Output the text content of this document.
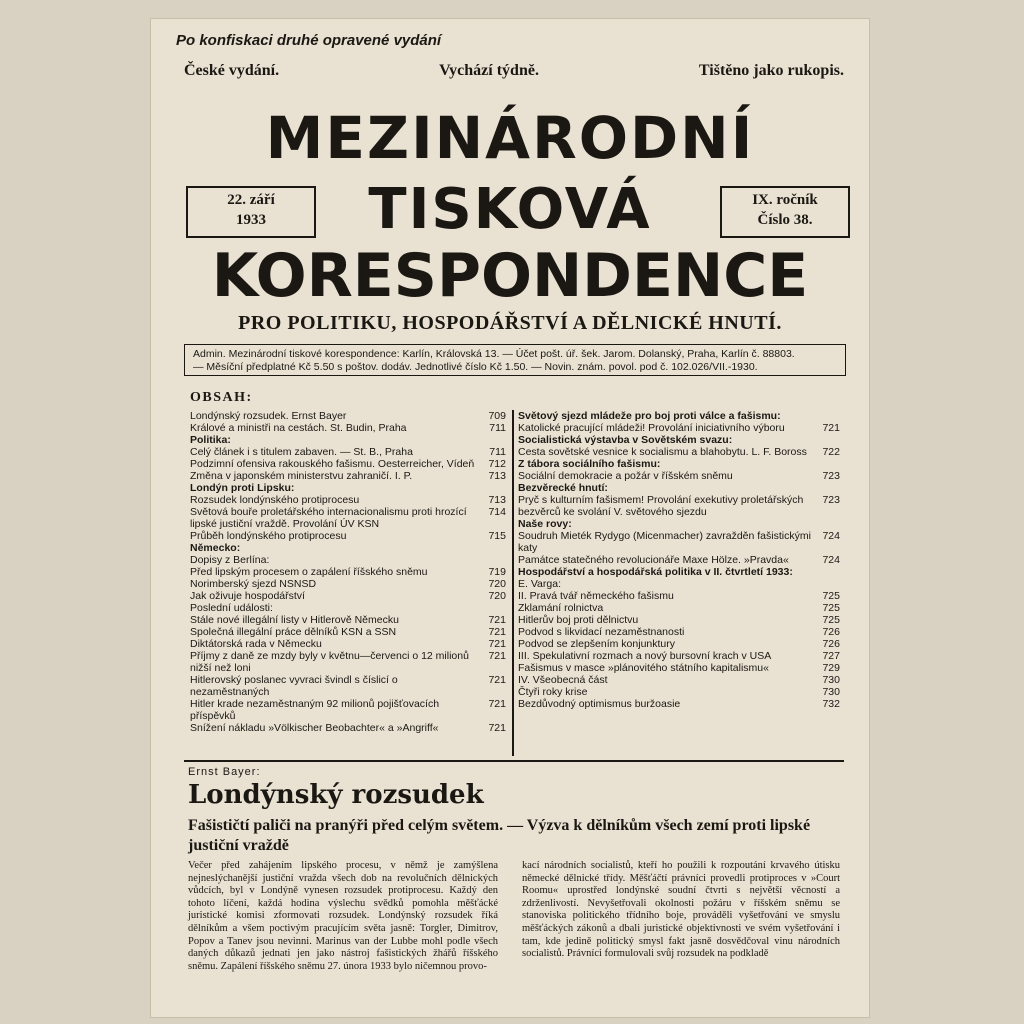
Po konfiskaci druhé opravené vydání
České vydání.	Vychází týdně.	Tištěno jako rukopis.
MEZINÁRODNÍ
22. září
1933	TISKOVÁ	IX. ročník
Číslo 38.
KORESPONDENCE
PRO POLITIKU, HOSPODÁŘSTVÍ A DĚLNICKÉ HNUTÍ.
Admin. Mezinárodní tiskové korespondence: Karlín, Královská 13. — Účet pošt. úř. šek. Jarom. Dolanský, Praha, Karlín č. 88803.
— Měsíční předplatné Kč 5.50 s poštov. dodáv. Jednotlivé číslo Kč 1.50. — Novin. znám. povol. pod č. 102.026/VII.-1930.
OBSAH:
Londýnský rozsudek. Ernst Bayer	709
Králové a ministři na cestách. St. Budin, Praha	711
Politika:
Celý článek i s titulem zabaven. — St. B., Praha	711
Podzimní ofensiva rakouského fašismu. Oesterreicher, Vídeň	712
Změna v japonském ministerstvu zahraničí. I. P.	713
Londýn proti Lipsku:
Rozsudek londýnského protiprocesu	713
Světová bouře proletářského internacionalismu proti hrozící lipské justiční vraždě. Provolání ÚV KSN
714
Průběh londýnského protiprocesu	715
Německo:
Dopisy z Berlína:
Před lipským procesem o zapálení říšského sněmu	719
Norimberský sjezd NSNSD	720
Jak oživuje hospodářství	720
Poslední události:
Stále nové illegální listy v Hitlerově Německu	721
Společná illegální práce dělníků KSN a SSN	721
Diktátorská rada v Německu	721
Příjmy z daně ze mzdy byly v květnu—červenci o 12 milionů nižší než loni
721
Hitlerovský poslanec vyvraci švindl s číslicí o nezaměstnaných
721
Hitler krade nezaměstnaným 92 milionů pojišťovacích příspěvků
721
Snížení nákladu »Völkischer Beobachter« a »Angriff«	721
Světový sjezd mládeže pro boj proti válce a fašismu:
Katolické pracující mládeži! Provolání iniciativního výboru	721
Socialistická výstavba v Sovětském svazu:
Cesta sovětské vesnice k socialismu a blahobytu. L. F. Boross	722
Z tábora sociálního fašismu:
Sociální demokracie a požár v říšském sněmu	723
Bezvěrecké hnutí:
Pryč s kulturním fašismem! Provolání exekutivy proletářských bezvěrců ke svolání V. světového sjezdu
723
Naše rovy:
Soudruh Mieték Rydygo (Micenmacher) zavražděn fašistickými katy
724
Památce statečného revolucionáře Maxe Hölze. »Pravda«	724
Hospodářství a hospodářská politika v II. čtvrtletí 1933:
E. Varga:
II. Pravá tvář německého fašismu	725
Zklamání rolnictva	725
Hitlerův boj proti dělnictvu	725
Podvod s likvidací nezaměstnanosti	726
Podvod se zlepšením konjunktury	726
III. Spekulativní rozmach a nový bursovní krach v USA	727
Fašismus v masce »plánovitého státního kapitalismu«	729
IV. Všeobecná část	730
Čtyři roky krise	730
Bezdůvodný optimismus buržoasie	732
Ernst Bayer:
Londýnský rozsudek
Fašističtí paliči na pranýři před celým světem. — Výzva k dělníkům všech zemí proti lipské justiční vraždě
Večer před zahájením lipského procesu, v němž je zamýšlena nejneslýchanější justiční vražda všech dob na revolučních dělnických vůdcích, byl v Londýně vynesen rozsudek protiprocesu. Každý den tohoto líčení, každá hodina výslechu svědků pomohla měšťácké juristické komisi zformovati rozsudek. Londýnský rozsudek říká dělníkům a všem poctivým pracujícím světa jasně: Torgler, Dimitrov, Popov a Tanev jsou nevinni. Marinus van der Lubbe mohl podle všech daných důkazů jednati jen jako nástroj fašistických žhářů říšského sněmu. Zapálení říšského sněmu 27. února 1933 bylo ničemnou provo-
kací národních socialistů, kteří ho použili k rozpoutání krvavého útisku německé dělnické třídy. Měšťáčtí právníci provedli protiproces v »Court Roomu« uprostřed londýnské soudní čtvrti s největší věcností a zdrženlivostí. Nevyšetřovali okolnosti požáru v říšském sněmu se stanoviska politického třídního boje, prováděli vyšetřování ve smyslu měšťáckých zákonů a dbali juristické objektivnosti ve svém vyšetřování i tam, kde jedině politický smysl fakt jasně dosvědčoval vinu národních socialistů. Právníci formulovali svůj rozsudek na podkladě
